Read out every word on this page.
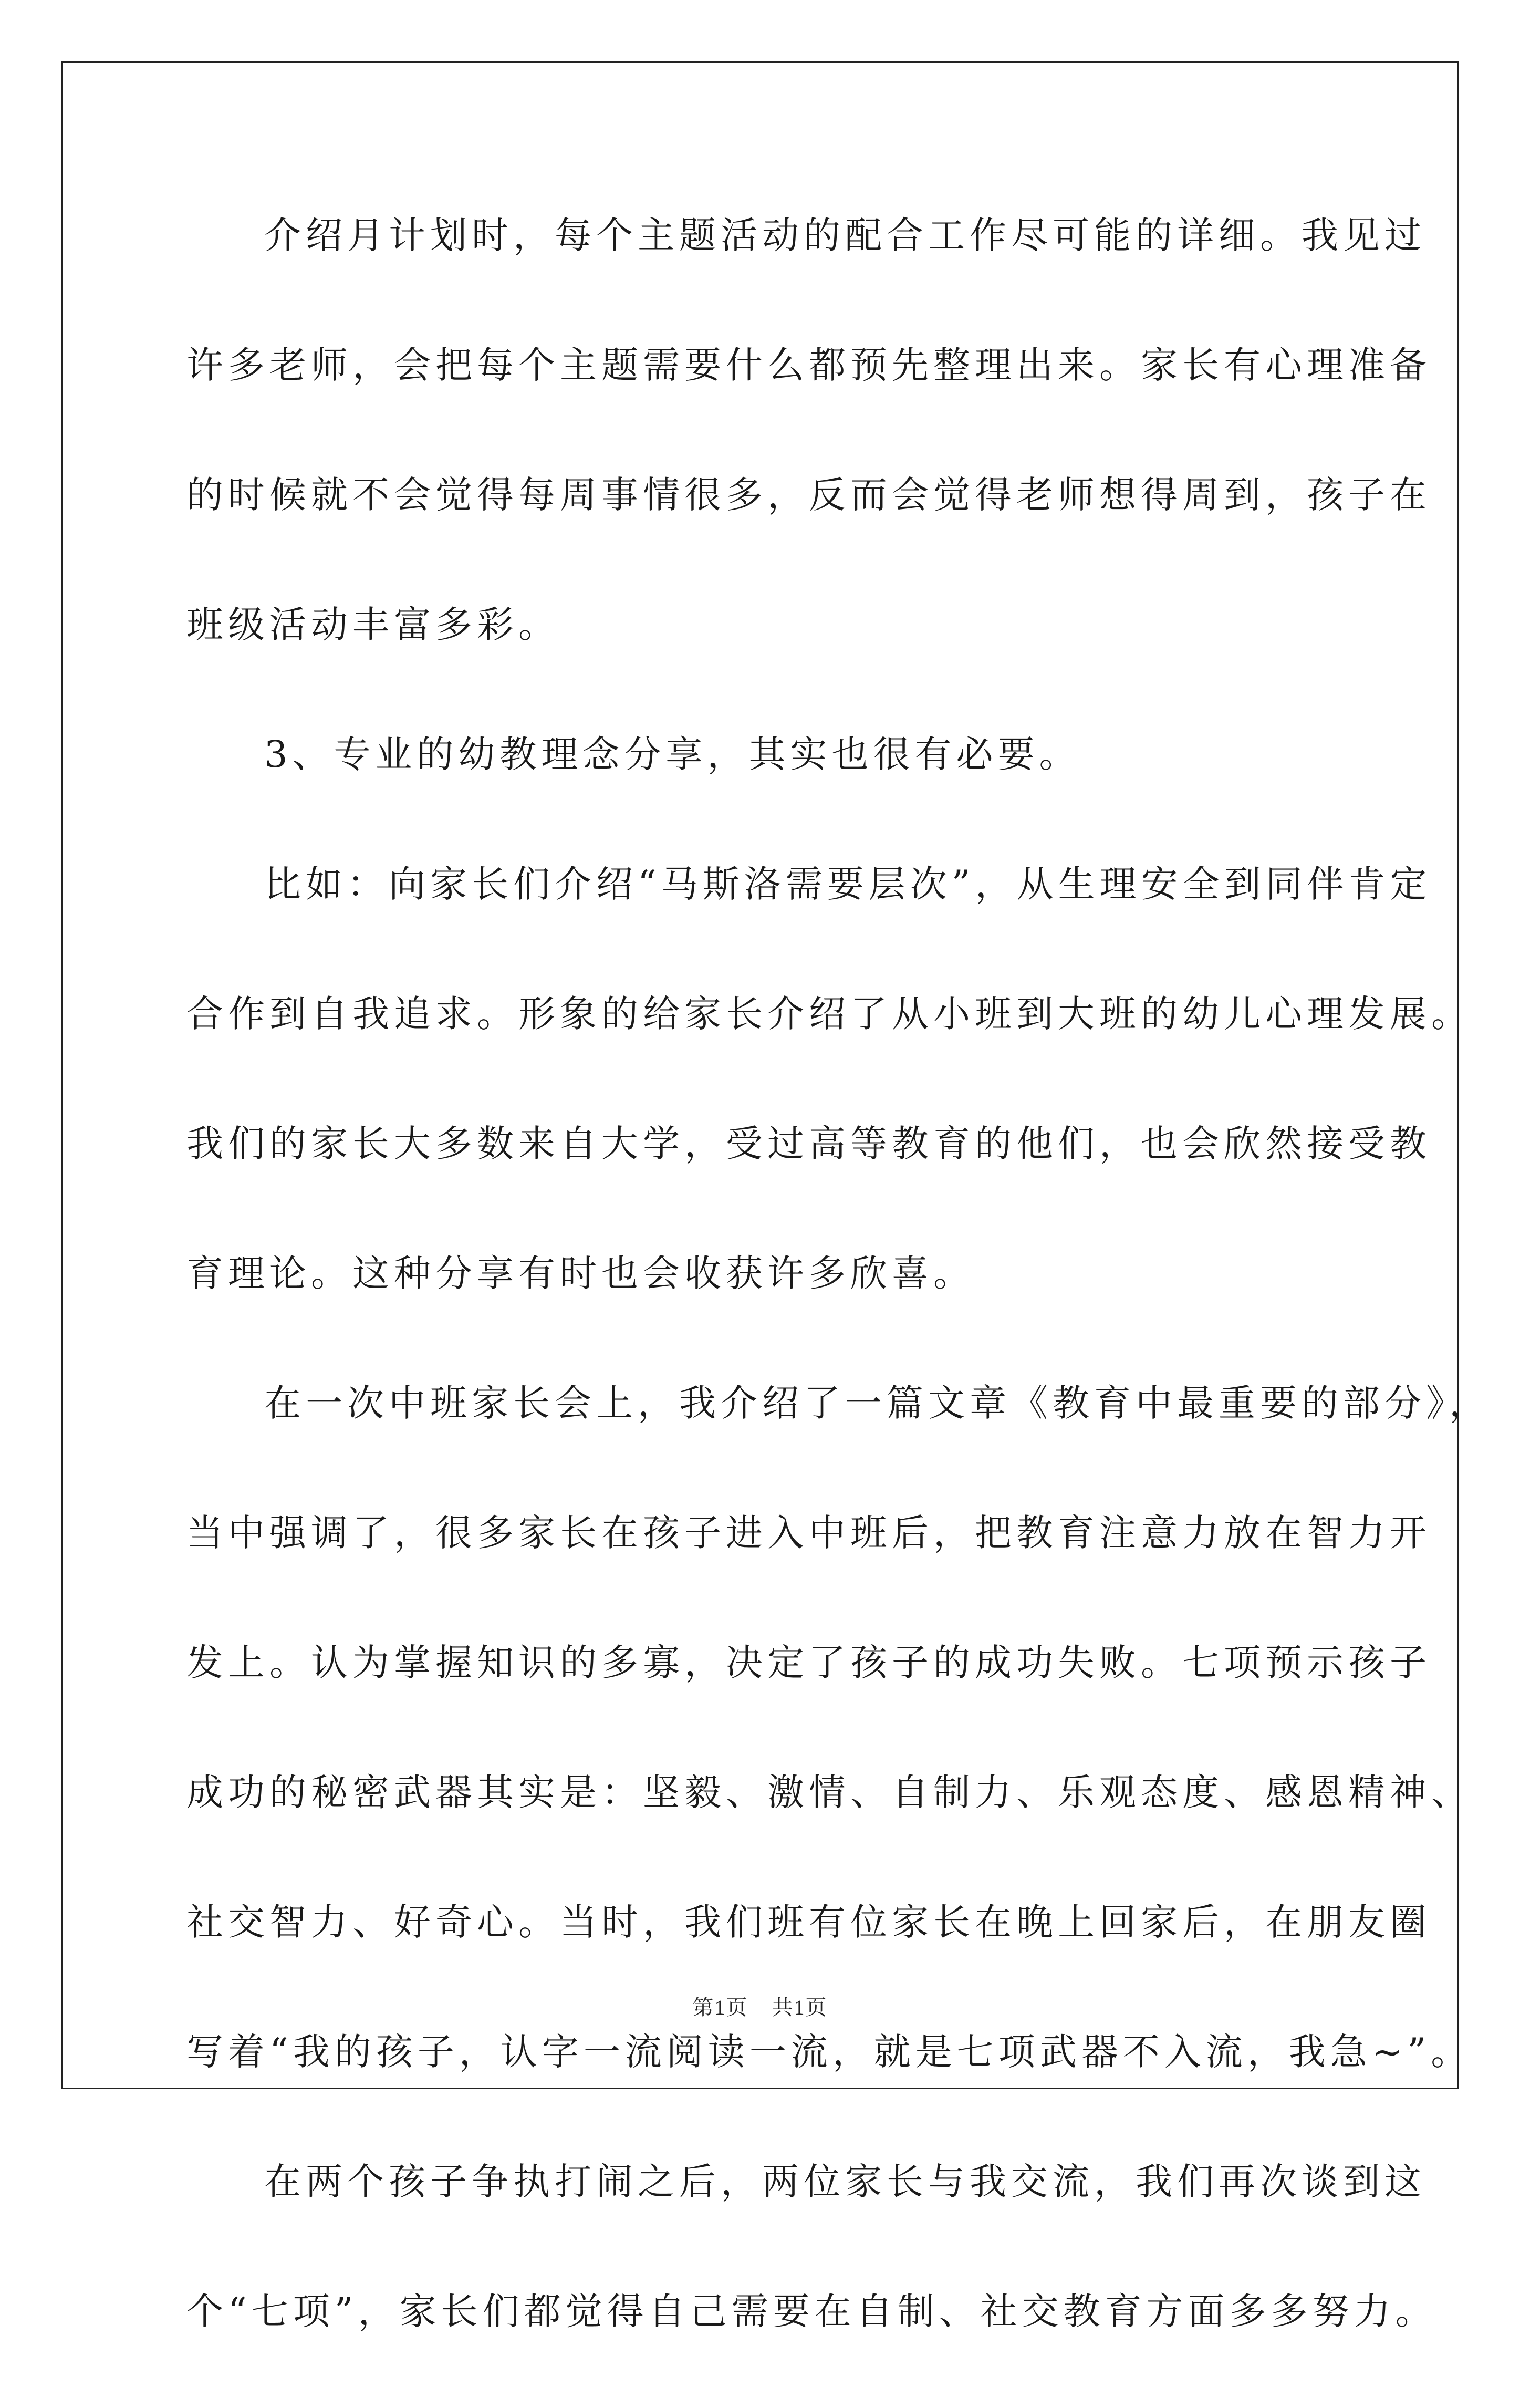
介绍月计划时，每个主题活动的配合工作尽可能的详细。我见过
许多老师，会把每个主题需要什么都预先整理出来。家长有心理准备
的时候就不会觉得每周事情很多，反而会觉得老师想得周到，孩子在
班级活动丰富多彩。
3、专业的幼教理念分享，其实也很有必要。
比如：向家长们介绍“马斯洛需要层次”，从生理安全到同伴肯定
合作到自我追求。形象的给家长介绍了从小班到大班的幼儿心理发展。
我们的家长大多数来自大学，受过高等教育的他们，也会欣然接受教
育理论。这种分享有时也会收获许多欣喜。
在一次中班家长会上，我介绍了一篇文章《教育中最重要的部分》，
当中强调了，很多家长在孩子进入中班后，把教育注意力放在智力开
发上。认为掌握知识的多寡，决定了孩子的成功失败。七项预示孩子
成功的秘密武器其实是：坚毅、激情、自制力、乐观态度、感恩精神、
社交智力、好奇心。当时，我们班有位家长在晚上回家后，在朋友圈
写着“我的孩子，认字一流阅读一流，就是七项武器不入流，我急~”。
在两个孩子争执打闹之后，两位家长与我交流，我们再次谈到这
个“七项”，家长们都觉得自己需要在自制、社交教育方面多多努力。
第1页 共1页
